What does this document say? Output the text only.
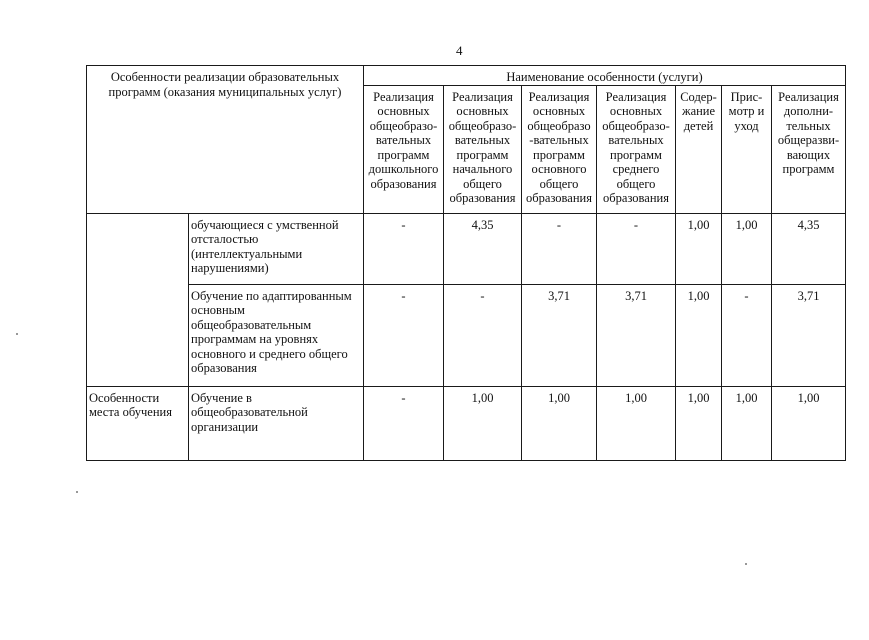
4
Особенности реализации образовательных программ (оказания муниципальных услуг)		Наименование особенности (услуги)						
		Реализация основных общеобразо-вательных программ дошкольного образования	Реализация основных общеобразо-вательных программ начального общего образования	Реализация основных общеобразо -вательных программ основного общего образования	Реализация основных общеобразо-вательных программ среднего общего образования	Содер-жание детей	Прис-мотр и уход	Реализация дополни-тельных общеразви-вающих программ
	обучающиеся с умственной отсталостью (интеллектуальными нарушениями)	-	4,35	-	-	1,00	1,00	4,35
	Обучение по адаптированным основным общеобразовательным программам на уровнях основного и среднего общего образования	-	-	3,71	3,71	1,00	-	3,71
Особенности места обучения	Обучение в общеобразовательной организации	-	1,00	1,00	1,00	1,00	1,00	1,00
